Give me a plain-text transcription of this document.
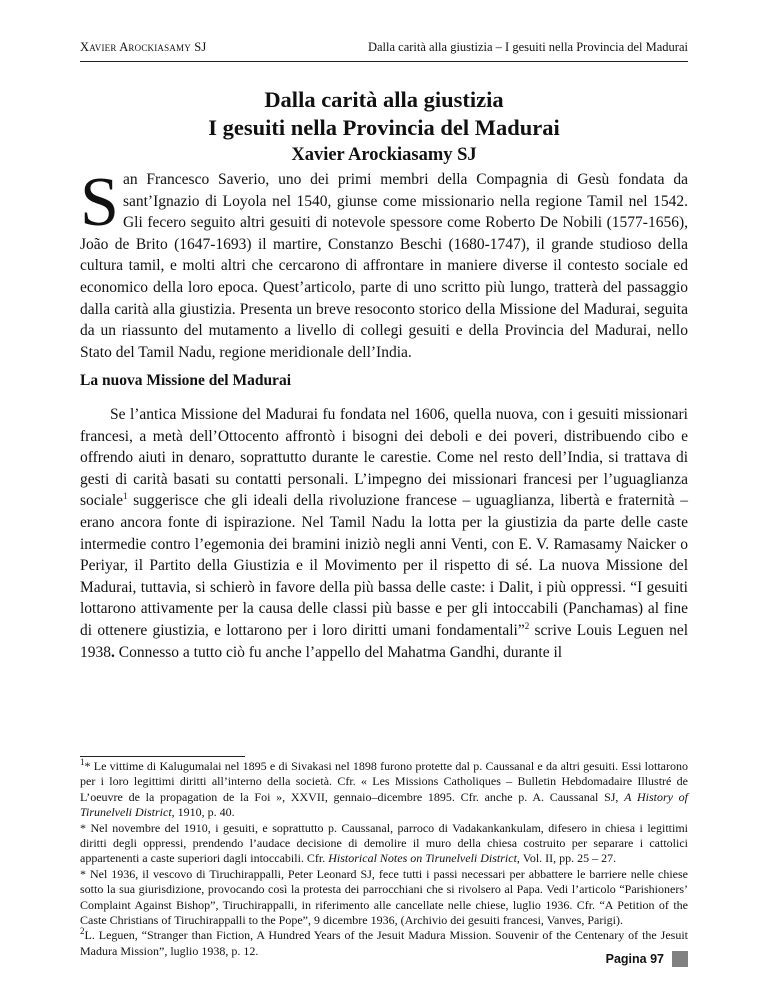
Xavier Arockiasamy SJ	Dalla carità alla giustizia – I gesuiti nella Provincia del Madurai
Dalla carità alla giustizia
I gesuiti nella Provincia del Madurai
Xavier Arockiasamy SJ
San Francesco Saverio, uno dei primi membri della Compagnia di Gesù fondata da sant’Ignazio di Loyola nel 1540, giunse come missionario nella regione Tamil nel 1542. Gli fecero seguito altri gesuiti di notevole spessore come Roberto De Nobili (1577-1656), João de Brito (1647-1693) il martire, Constanzo Beschi (1680-1747), il grande studioso della cultura tamil, e molti altri che cercarono di affrontare in maniere diverse il contesto sociale ed economico della loro epoca. Quest’articolo, parte di uno scritto più lungo, tratterà del passaggio dalla carità alla giustizia. Presenta un breve resoconto storico della Missione del Madurai, seguita da un riassunto del mutamento a livello di collegi gesuiti e della Provincia del Madurai, nello Stato del Tamil Nadu, regione meridionale dell’India.
La nuova Missione del Madurai
Se l’antica Missione del Madurai fu fondata nel 1606, quella nuova, con i gesuiti missionari francesi, a metà dell’Ottocento affrontò i bisogni dei deboli e dei poveri, distribuendo cibo e offrendo aiuti in denaro, soprattutto durante le carestie. Come nel resto dell’India, si trattava di gesti di carità basati su contatti personali. L’impegno dei missionari francesi per l’uguaglianza sociale$^1$ suggerisce che gli ideali della rivoluzione francese – uguaglianza, libertà e fraternità – erano ancora fonte di ispirazione. Nel Tamil Nadu la lotta per la giustizia da parte delle caste intermedie contro l’egemonia dei bramini iniziò negli anni Venti, con E. V. Ramasamy Naicker o Periyar, il Partito della Giustizia e il Movimento per il rispetto di sé. La nuova Missione del Madurai, tuttavia, si schierò in favore della più bassa delle caste: i Dalit, i più oppressi. “I gesuiti lottarono attivamente per la causa delle classi più basse e per gli intoccabili (Panchamas) al fine di ottenere giustizia, e lottarono per i loro diritti umani fondamentali”$^2$ scrive Louis Leguen nel 1938. Connesso a tutto ciò fu anche l’appello del Mahatma Gandhi, durante il

$^1$* Le vittime di Kalugumalai nel 1895 e di Sivakasi nel 1898 furono protette dal p. Caussanal e da altri gesuiti. Essi lottarono per i loro legittimi diritti all’interno della società. Cfr. « Les Missions Catholiques – Bulletin Hebdomadaire Illustré de L’oeuvre de la propagation de la Foi », XXVII, gennaio–dicembre 1895. Cfr. anche p. A. Caussanal SJ, A History of Tirunelveli District, 1910, p. 40.

* Nel novembre del 1910, i gesuiti, e soprattutto p. Caussanal, parroco di Vadakankankulam, difesero in chiesa i legittimi diritti degli oppressi, prendendo l’audace decisione di demolire il muro della chiesa costruito per separare i cattolici appartenenti a caste superiori dagli intoccabili. Cfr. Historical Notes on Tirunelveli District, Vol. II, pp. 25 – 27.

* Nel 1936, il vescovo di Tiruchirappalli, Peter Leonard SJ, fece tutti i passi necessari per abbattere le barriere nelle chiese sotto la sua giurisdizione, provocando così la protesta dei parrocchiani che si rivolsero al Papa. Vedi l’articolo “Parishioners’ Complaint Against Bishop”, Tiruchirappalli, in riferimento alle cancellate nelle chiese, luglio 1936. Cfr. “A Petition of the Caste Christians of Tiruchirappalli to the Pope”, 9 dicembre 1936, (Archivio dei gesuiti francesi, Vanves, Parigi).

$^2$L. Leguen, “Stranger than Fiction, A Hundred Years of the Jesuit Madura Mission. Souvenir of the Centenary of the Jesuit Madura Mission”, luglio 1938, p. 12.

Pagina 97
